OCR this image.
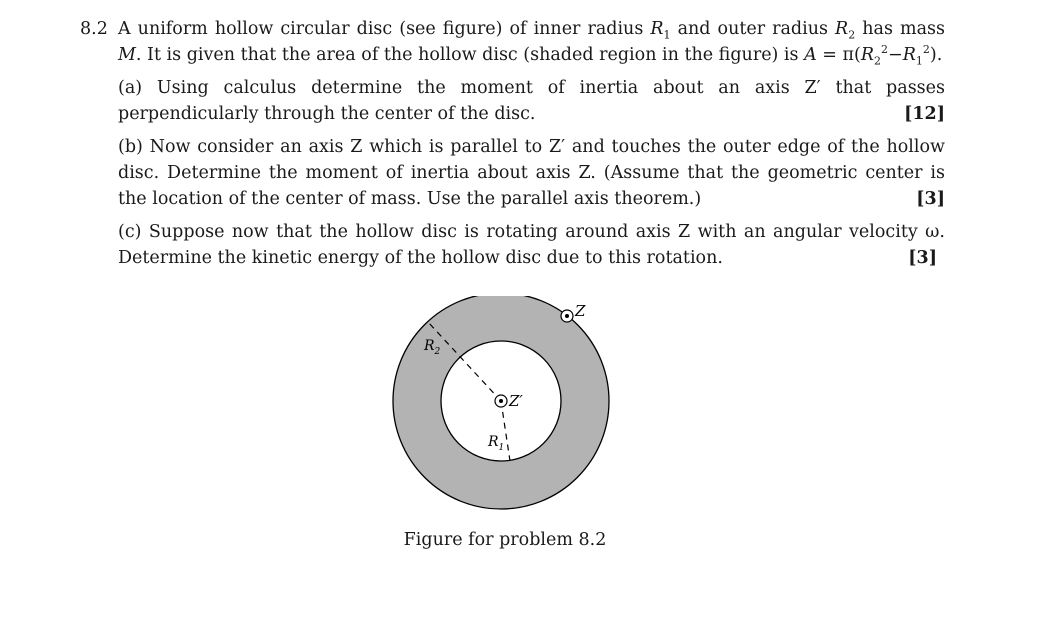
8.2 A uniform hollow circular disc (see figure) of inner radius $R_1$ and outer radius $R_2$ has mass M. It is given that the area of the hollow disc (shaded region in the figure) is $A = \pi(R_2^2-R_1^2)$.
(a) Using calculus determine the moment of inertia about an axis Z′ that passes perpendicularly through the center of the disc.	[12]
(b) Now consider an axis Z which is parallel to Z′ and touches the outer edge of the hollow disc. Determine the moment of inertia about axis Z. (Assume that the geometric center is the location of the center of mass. Use the parallel axis theorem.)	[3]
(c) Suppose now that the hollow disc is rotating around axis Z with an angular velocity ω. Determine the kinetic energy of the hollow disc due to this rotation.	[3]
$R_2$
$R_1$
Z′
Z
Figure for problem 8.2
